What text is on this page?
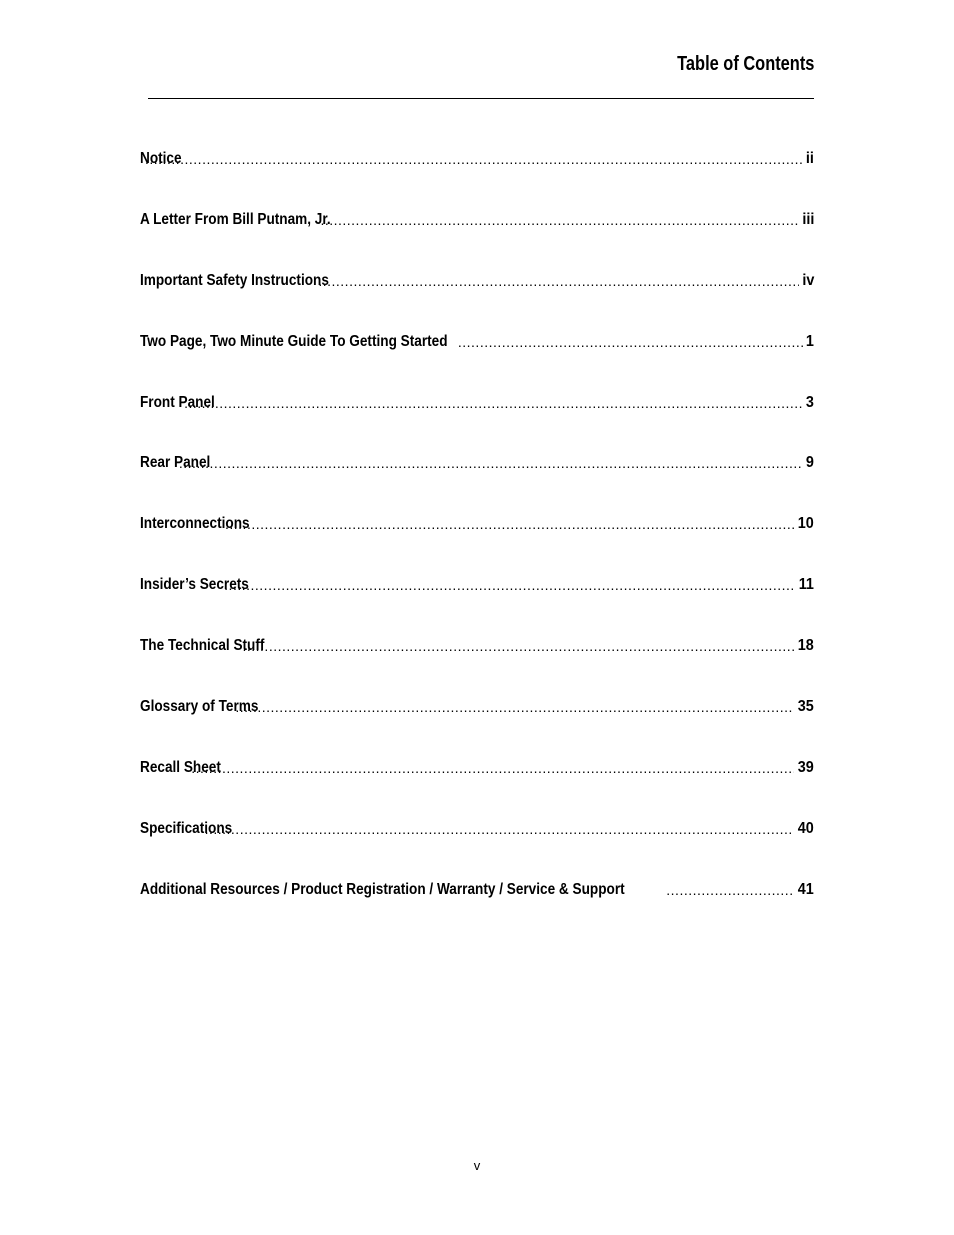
Table of Contents
Notice .....	ii
A Letter From Bill Putnam, Jr. .....	iii
Important Safety Instructions .....	iv
Two Page, Two Minute Guide To Getting Started .....	1
Front Panel .....	3
Rear Panel .....	9
Interconnections .....	10
Insider’s Secrets .....	11
The Technical Stuff .....	18
Glossary of Terms .....	35
Recall Sheet .....	39
Specifications .....	40
Additional Resources / Product Registration / Warranty / Service & Support .....	41
v
